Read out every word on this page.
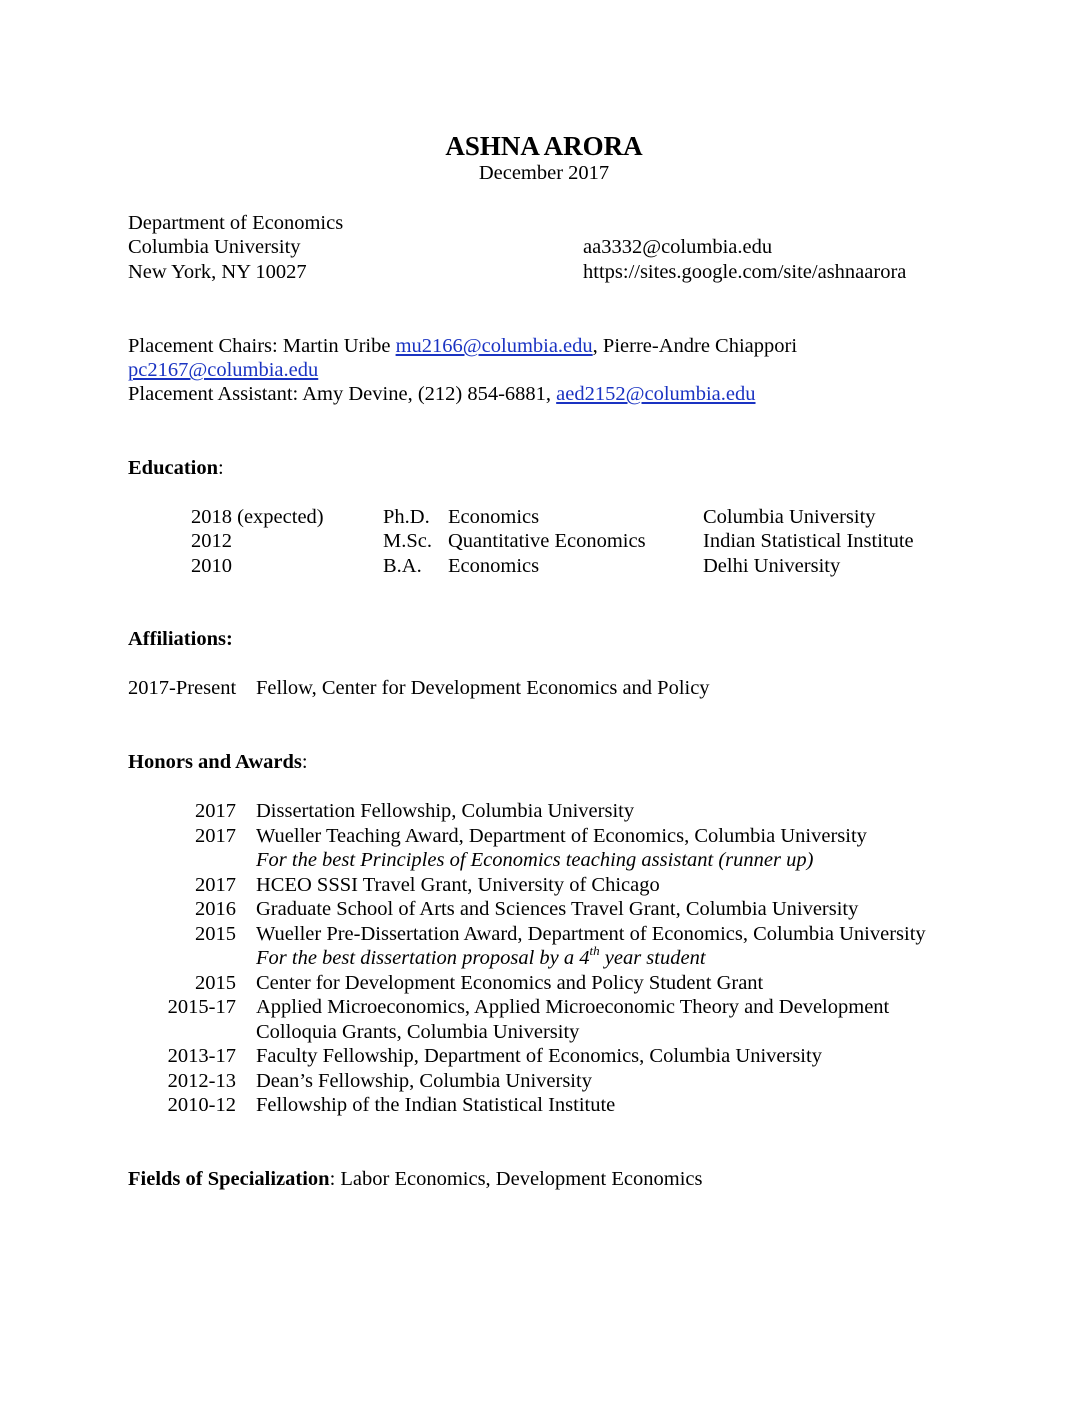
ASHNA ARORA
December 2017
Department of Economics
Columbia University
New York, NY 10027
aa3332@columbia.edu
https://sites.google.com/site/ashnaarora
Placement Chairs: Martin Uribe mu2166@columbia.edu, Pierre-Andre Chiappori
pc2167@columbia.edu
Placement Assistant: Amy Devine, (212) 854-6881, aed2152@columbia.edu
Education:
2018 (expected)	Ph.D. Economics	Columbia University
2012	M.Sc. Quantitative Economics	Indian Statistical Institute
2010	B.A. Economics	Delhi University
Affiliations:
2017-Present Fellow, Center for Development Economics and Policy
Honors and Awards:
2017 Dissertation Fellowship, Columbia University
2017 Wueller Teaching Award, Department of Economics, Columbia University
For the best Principles of Economics teaching assistant (runner up)
2017 HCEO SSSI Travel Grant, University of Chicago
2016 Graduate School of Arts and Sciences Travel Grant, Columbia University
2015 Wueller Pre-Dissertation Award, Department of Economics, Columbia University
For the best dissertation proposal by a 4th year student
2015 Center for Development Economics and Policy Student Grant
2015-17 Applied Microeconomics, Applied Microeconomic Theory and Development
Colloquia Grants, Columbia University
2013-17 Faculty Fellowship, Department of Economics, Columbia University
2012-13 Dean’s Fellowship, Columbia University
2010-12 Fellowship of the Indian Statistical Institute
Fields of Specialization: Labor Economics, Development Economics
